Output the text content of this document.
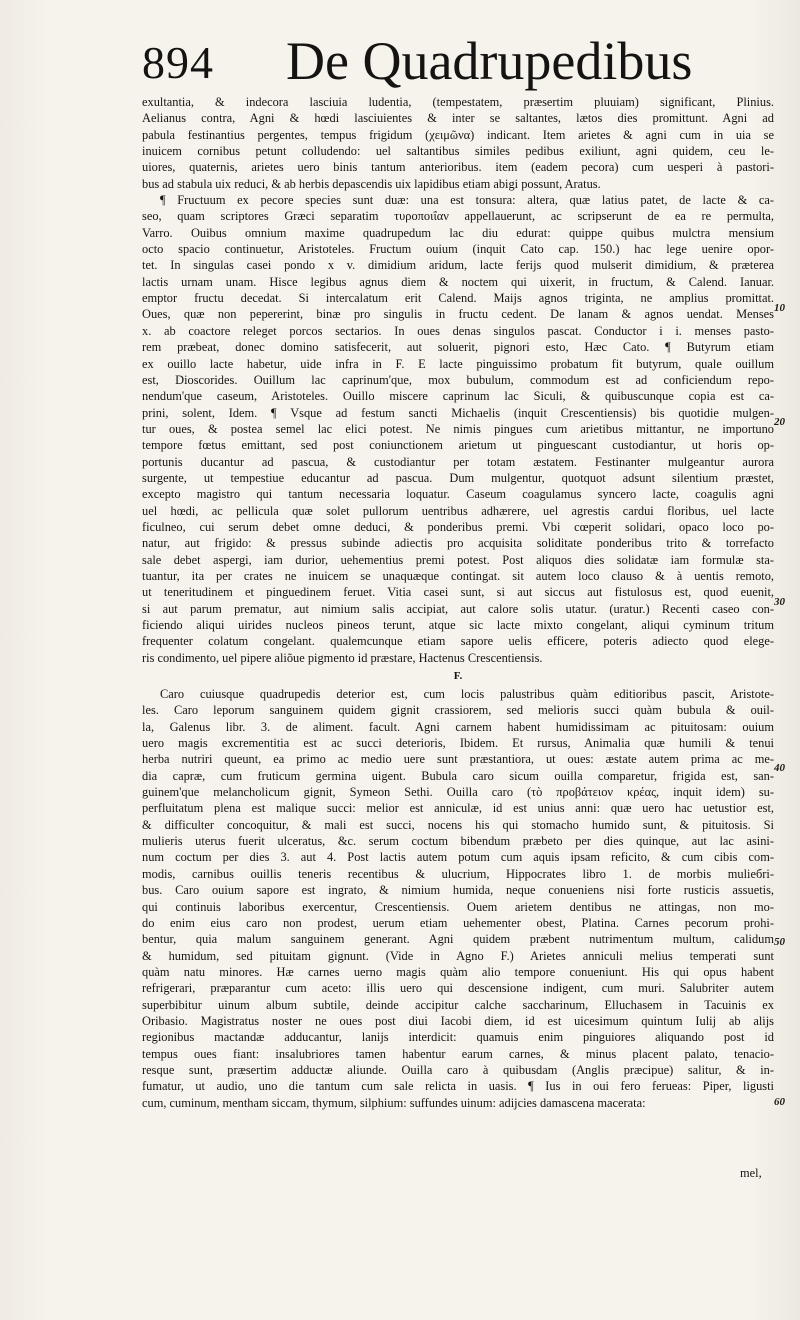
894 De Quadrupedibus
exultantia, & indecora lasciuia ludentia, (tempestatem, præsertim pluuiam) significant, Plinius.
Aelianus contra, Agni & hœdi lasciuientes & inter se saltantes, lætos dies promittunt. Agni ad
pabula festinantius pergentes, tempus frigidum (χειμῶνα) indicant. Item arietes & agni cum in uia se
inuicem cornibus petunt colludendo: uel saltantibus similes pedibus exiliunt, agni quidem, ceu le-
uiores, quaternis, arietes uero binis tantum anterioribus. item (eadem pecora) cum uesperi à pastori-
bus ad stabula uix reduci, & ab herbis depascendis uix lapidibus etiam abigi possunt, Aratus.
¶ Fructuum ex pecore species sunt duæ: una est tonsura: altera, quæ latius patet, de lacte & ca-
seo, quam scriptores Græci separatim τυροποιΐαν appellauerunt, ac scripserunt de ea re permulta,
Varro. Ouibus omnium maxime quadrupedum lac diu edurat: quippe quibus mulctra mensium
octo spacio continuetur, Aristoteles. Fructum ouium (inquit Cato cap. 150.) hac lege uenire opor-
tet. In singulas casei pondo x v. dimidium aridum, lacte ferijs quod mulserit dimidium, & præterea
lactis urnam unam. Hisce legibus agnus diem & noctem qui uixerit, in fructum, & Calend. Ianuar.
emptor fructu decedat. Si intercalatum erit Calend. Maijs agnos triginta, ne amplius promittat.
Oues, quæ non pepererint, binæ pro singulis in fructu cedent. De lanam & agnos uendat. Menses
x. ab coactore releget porcos sectarios. In oues denas singulos pascat. Conductor i i. menses pasto-
rem præbeat, donec domino satisfecerit, aut soluerit, pignori esto, Hæc Cato. ¶ Butyrum etiam
ex ouillo lacte habetur, uide infra in F. E lacte pinguissimo probatum fit butyrum, quale ouillum
est, Dioscorides. Ouillum lac caprinum'que, mox bubulum, commodum est ad conficiendum repo-
nendum'que caseum, Aristoteles. Ouillo miscere caprinum lac Siculi, & quibuscunque copia est ca-
prini, solent, Idem. ¶ Vsque ad festum sancti Michaelis (inquit Crescentiensis) bis quotidie mulgen-
tur oues, & postea semel lac elici potest. Ne nimis pingues cum arietibus mittantur, ne importuno
tempore fœtus emittant, sed post coniunctionem arietum ut pinguescant custodiantur, ut horis op-
portunis ducantur ad pascua, & custodiantur per totam æstatem. Festinanter mulgeantur aurora
surgente, ut tempestiue educantur ad pascua. Dum mulgentur, quotquot adsunt silentium præstet,
excepto magistro qui tantum necessaria loquatur. Caseum coagulamus syncero lacte, coagulis agni
uel hœdi, ac pellicula quæ solet pullorum uentribus adhærere, uel agrestis cardui floribus, uel lacte
ficulneo, cui serum debet omne deduci, & ponderibus premi. Vbi cœperit solidari, opaco loco po-
natur, aut frigido: & pressus subinde adiectis pro acquisita soliditate ponderibus trito & torrefacto
sale debet aspergi, iam durior, uehementius premi potest. Post aliquos dies solidatæ iam formulæ sta-
tuantur, ita per crates ne inuicem se unaquæque contingat. sit autem loco clauso & à uentis remoto,
ut teneritudinem et pinguedinem feruet. Vitia casei sunt, si aut siccus aut fistulosus est, quod euenit,
si aut parum prematur, aut nimium salis accipiat, aut calore solis utatur. (uratur.) Recenti caseo con-
ficiendo aliqui uirides nucleos pineos terunt, atque sic lacte mixto congelant, aliqui cyminum tritum
frequenter colatum congelant. qualemcunque etiam sapore uelis efficere, poteris adiecto quod elege-
ris condimento, uel pipere aliõue pigmento id præstare, Hactenus Crescentiensis.
F.
Caro cuiusque quadrupedis deterior est, cum locis palustribus quàm editioribus pascit, Aristote-
les. Caro leporum sanguinem quidem gignit crassiorem, sed melioris succi quàm bubula & ouil-
la, Galenus libr. 3. de aliment. facult. Agni carnem habent humidissimam ac pituitosam: ouium
uero magis excrementitia est ac succi deterioris, Ibidem. Et rursus, Animalia quæ humili & tenui
herba nutriri queunt, ea primo ac medio uere sunt præstantiora, ut oues: æstate autem prima ac me-
dia capræ, cum fruticum germina uigent. Bubula caro sicum ouilla comparetur, frigida est, san-
guinem'que melancholicum gignit, Symeon Sethi. Ouilla caro (τὸ προβάτειον κρέας, inquit idem) su-
perfluitatum plena est malique succi: melior est anniculæ, id est unius anni: quæ uero hac uetustior est,
& difficulter concoquitur, & mali est succi, nocens his qui stomacho humido sunt, & pituitosis. Si
mulieris uterus fuerit ulceratus, &c. serum coctum bibendum præbeto per dies quinque, aut lac asini-
num coctum per dies 3. aut 4. Post lactis autem potum cum aquis ipsam reficito, & cum cibis com-
modis, carnibus ouillis teneris recentibus & ulucrium, Hippocrates libro 1. de morbis mulieбri-
bus. Caro ouium sapore est ingrato, & nimium humida, neque conueniens nisi forte rusticis assuetis,
qui continuis laboribus exercentur, Crescentiensis. Ouem arietem dentibus ne attingas, non mo-
do enim eius caro non prodest, uerum etiam uehementer obest, Platina. Carnes pecorum prohi-
bentur, quia malum sanguinem generant. Agni quidem præbent nutrimentum multum, calidum
& humidum, sed pituitam gignunt. (Vide in Agno F.) Arietes anniculi melius temperati sunt
quàm natu minores. Hæ carnes uerno magis quàm alio tempore conueniunt. His qui opus habent
refrigerari, præparantur cum aceto: illis uero qui descensione indigent, cum muri. Salubriter autem
superbibitur uinum album subtile, deinde accipitur calche saccharinum, Elluchasem in Tacuinis ex
Oribasio. Magistratus noster ne oues post diui Iacobi diem, id est uicesimum quintum Iulij ab alijs
regionibus mactandæ adducantur, lanijs interdicit: quamuis enim pinguiores aliquando post id
tempus oues fiant: insalubriores tamen habentur earum carnes, & minus placent palato, tenacio-
resque sunt, præsertim adductæ aliunde. Ouilla caro à quibusdam (Anglis præcipue) salitur, & in-
fumatur, ut audio, uno die tantum cum sale relicta in uasis. ¶ Ius in oui fero ferueas: Piper, ligusti
cum, cuminum, mentham siccam, thymum, silphium: suffundes uinum: adijcies damascena macerata:
10
20
30
40
50
60
mel,
